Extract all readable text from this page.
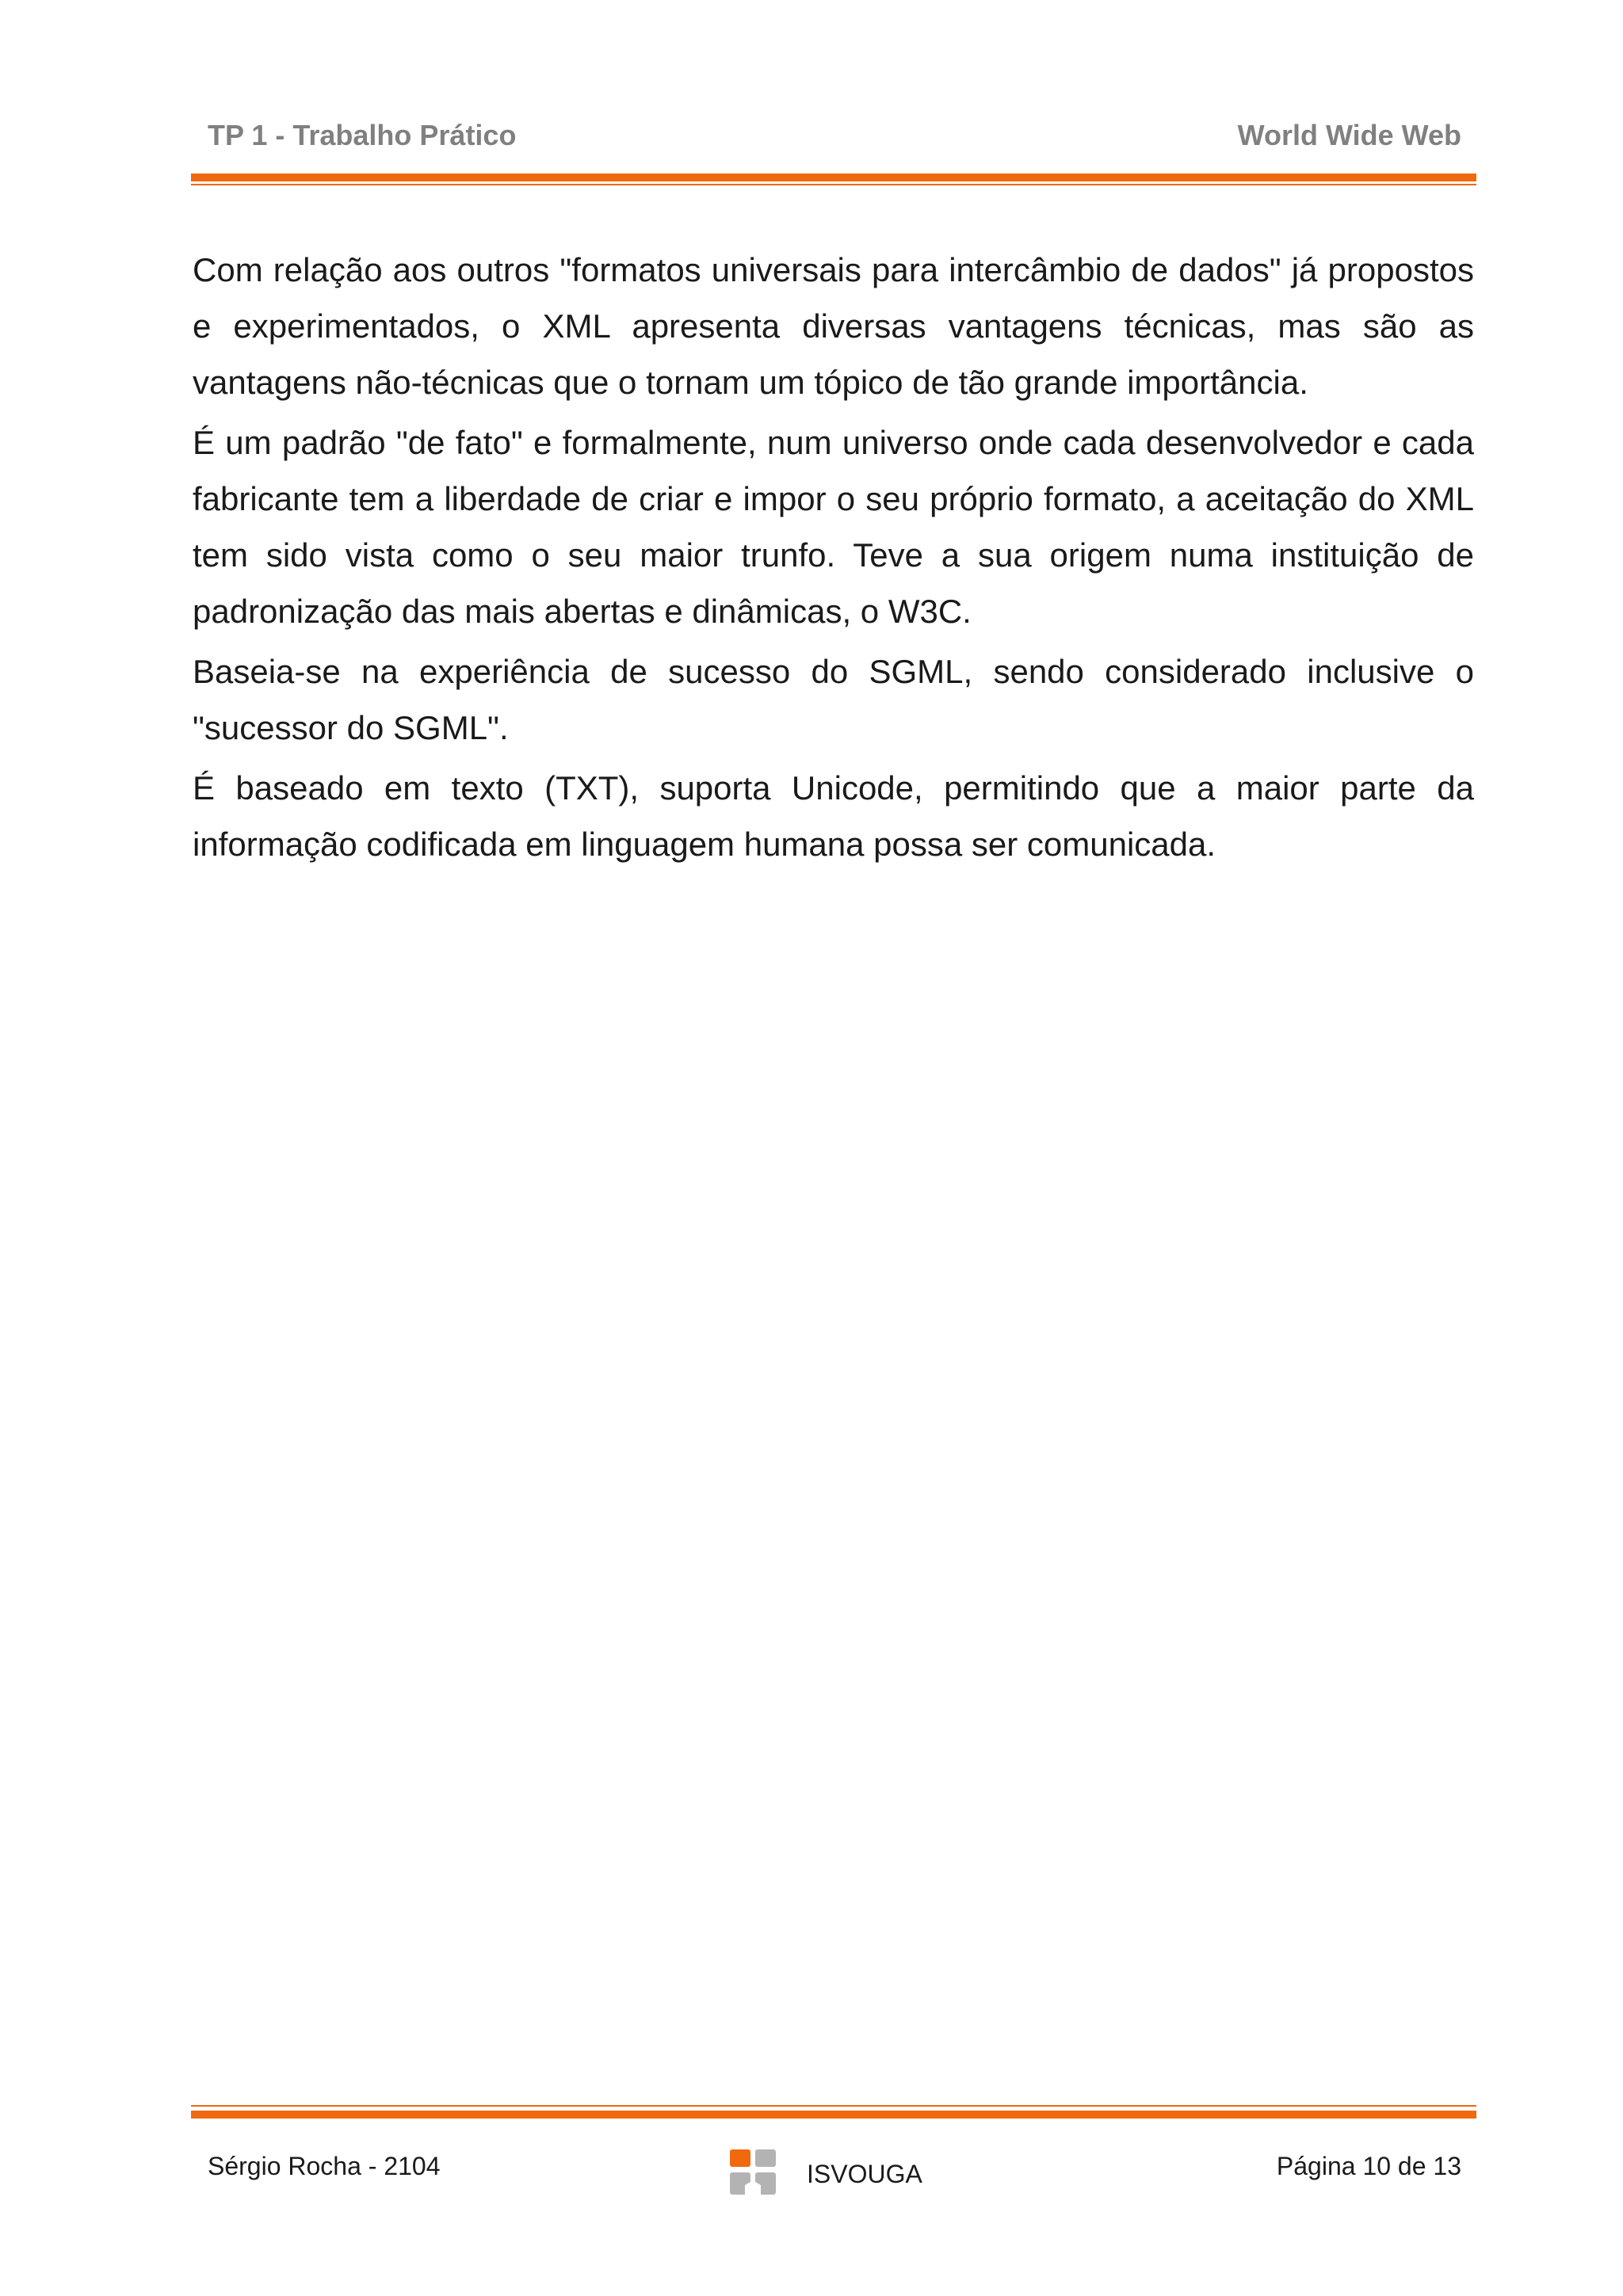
TP 1 - Trabalho Prático	World Wide Web

Com relação aos outros "formatos universais para intercâmbio de dados" já propostos e experimentados, o XML apresenta diversas vantagens técnicas, mas são as vantagens não-técnicas que o tornam um tópico de tão grande importância.

É um padrão "de fato" e formalmente, num universo onde cada desenvolvedor e cada fabricante tem a liberdade de criar e impor o seu próprio formato, a aceitação do XML tem sido vista como o seu maior trunfo. Teve a sua origem numa instituição de padronização das mais abertas e dinâmicas, o W3C.

Baseia-se na experiência de sucesso do SGML, sendo considerado inclusive o "sucessor do SGML".

É baseado em texto (TXT), suporta Unicode, permitindo que a maior parte da informação codificada em linguagem humana possa ser comunicada.

Sérgio Rocha - 2104	ISVOUGA	Página 10 de 13
